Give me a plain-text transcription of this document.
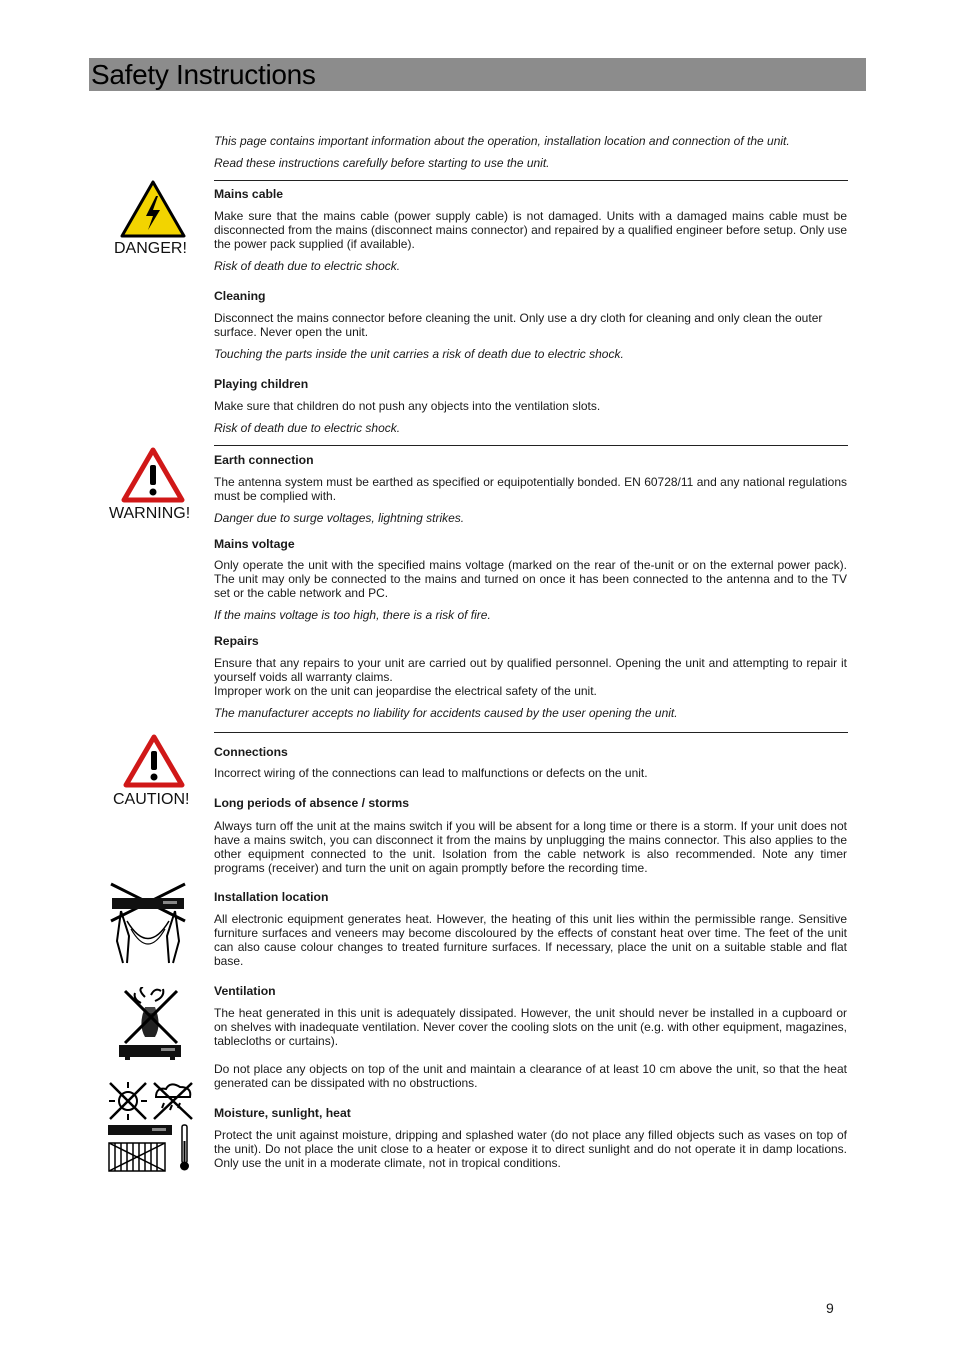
Safety Instructions

This page contains important information about the operation, installation location and connection of the unit.

Read these instructions carefully before starting to use the unit.

DANGER!

Mains cable

Make sure that the mains cable (power supply cable) is not damaged. Units with a damaged mains cable must be disconnected from the mains (disconnect mains connector) and repaired by a qualified engineer before setup. Only use the power pack supplied (if available).

Risk of death due to electric shock.

Cleaning

Disconnect the mains connector before cleaning the unit. Only use a dry cloth for cleaning and only clean the outer surface. Never open the unit.

Touching the parts inside the unit carries a risk of death due to electric shock.

Playing children

Make sure that children do not push any objects into the ventilation slots.

Risk of death due to electric shock.

WARNING!

Earth connection

The antenna system must be earthed as specified or equipotentially bonded. EN 60728/11 and any national regulations must be complied with.

Danger due to surge voltages, lightning strikes.

Mains voltage

Only operate the unit with the specified mains voltage (marked on the rear of the-unit or on the external power pack). The unit may only be connected to the mains and turned on once it has been connected to the antenna and to the TV set or the cable network and PC.

If the mains voltage is too high, there is a risk of fire.

Repairs

Ensure that any repairs to your unit are carried out by qualified personnel. Opening the unit and attempting to repair it yourself voids all warranty claims.

Improper work on the unit can jeopardise the electrical safety of the unit.

The manufacturer accepts no liability for accidents caused by the user opening the unit.

CAUTION!

Connections

Incorrect wiring of the connections can lead to malfunctions or defects on the unit.

Long periods of absence / storms

Always turn off the unit at the mains switch if you will be absent for a long time or there is a storm. If your unit does not have a mains switch, you can disconnect it from the mains by unplugging the mains connector. This also applies to the other equipment connected to the unit. Isolation from the cable network is also recommended. Note any timer programs (receiver) and turn the unit on again promptly before the recording time.

Installation location

All electronic equipment generates heat. However, the heating of this unit lies within the permissible range. Sensitive furniture surfaces and veneers may become discoloured by the effects of constant heat over time. The feet of the unit can also cause colour changes to treated furniture surfaces. If necessary, place the unit on a suitable stable and flat base.

Ventilation

The heat generated in this unit is adequately dissipated. However, the unit should never be installed in a cupboard or on shelves with inadequate ventilation. Never cover the cooling slots on the unit (e.g. with other equipment, magazines, tablecloths or curtains).

Do not place any objects on top of the unit and maintain a clearance of at least 10 cm above the unit, so that the heat generated can be dissipated with no obstructions.

Moisture, sunlight, heat

Protect the unit against moisture, dripping and splashed water (do not place any filled objects such as vases on top of the unit). Do not place the unit close to a heater or expose it to direct sunlight and do not operate it in damp locations. Only use the unit in a moderate climate, not in tropical conditions.

9
